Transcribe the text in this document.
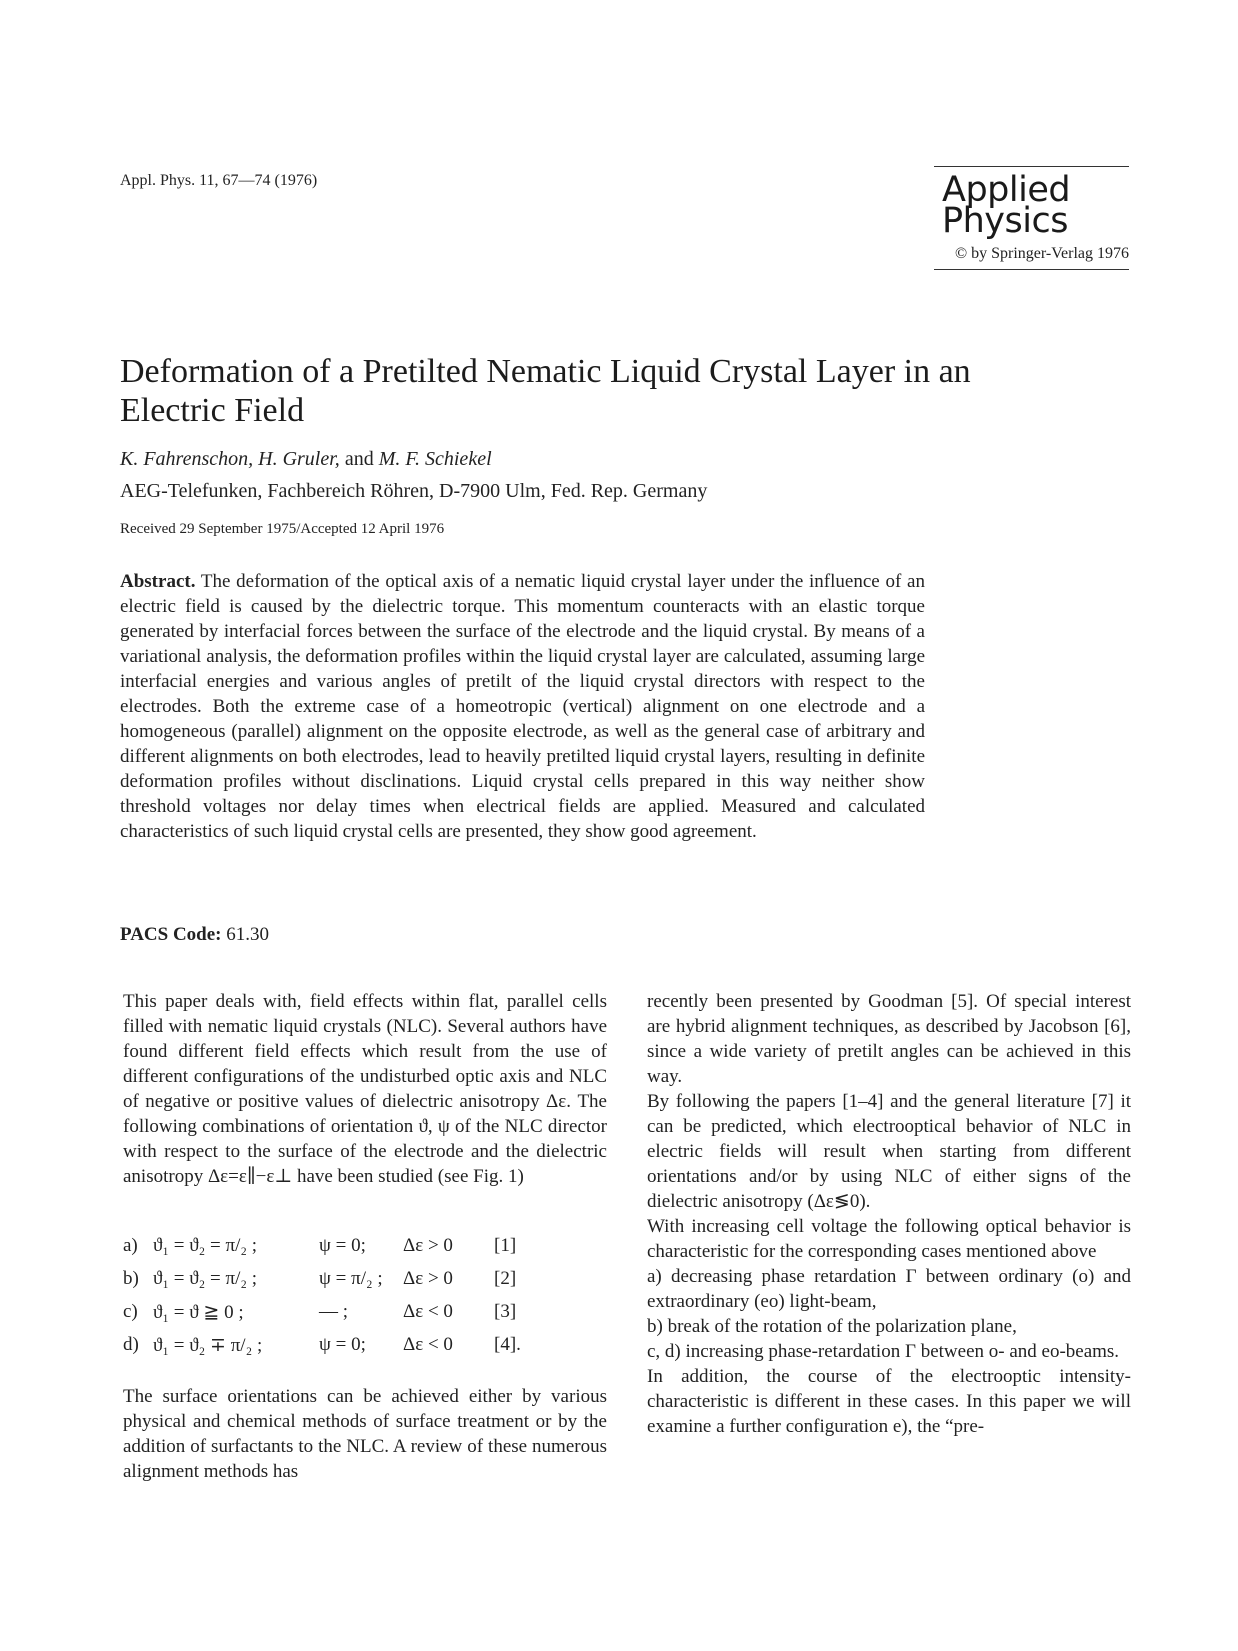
Appl. Phys. 11, 67—74 (1976)	Applied
Physics
© by Springer-Verlag 1976
Deformation of a Pretilted Nematic Liquid Crystal Layer in an Electric Field
K. Fahrenschon, H. Gruler, and M. F. Schiekel
AEG-Telefunken, Fachbereich Röhren, D-7900 Ulm, Fed. Rep. Germany
Received 29 September 1975/Accepted 12 April 1976

Abstract. The deformation of the optical axis of a nematic liquid crystal layer under the influence of an electric field is caused by the dielectric torque. This momentum counteracts with an elastic torque generated by interfacial forces between the surface of the electrode and the liquid crystal. By means of a variational analysis, the deformation profiles within the liquid crystal layer are calculated, assuming large interfacial energies and various angles of pretilt of the liquid crystal directors with respect to the electrodes. Both the extreme case of a homeotropic (vertical) alignment on one electrode and a homogeneous (parallel) alignment on the opposite electrode, as well as the general case of arbitrary and different alignments on both electrodes, lead to heavily pretilted liquid crystal layers, resulting in definite deformation profiles without disclinations. Liquid crystal cells prepared in this way neither show threshold voltages nor delay times when electrical fields are applied. Measured and calculated characteristics of such liquid crystal cells are presented, they show good agreement.

PACS Code: 61.30

This paper deals with, field effects within flat, parallel cells filled with nematic liquid crystals (NLC). Several authors have found different field effects which result from the use of different configurations of the undisturbed optic axis and NLC of negative or positive values of dielectric anisotropy Δε. The following combinations of orientation ϑ, ψ of the NLC director with respect to the surface of the electrode and the dielectric anisotropy Δε=ε∥−ε⊥ have been studied (see Fig. 1)

a) ϑ₁ = ϑ₂ = π/₂ ;	ψ = 0; Δε > 0 [1]
b) ϑ₁ = ϑ₂ = π/₂ ;	ψ = π/₂ ; Δε > 0 [2]
c) ϑ₁ = ϑ ≧ 0 ;	— ;	Δε < 0 [3]
d) ϑ₁ = ϑ₂ ∓ π/₂ ;	ψ = 0; Δε < 0 [4].

The surface orientations can be achieved either by various physical and chemical methods of surface treatment or by the addition of surfactants to the NLC. A review of these numerous alignment methods has

recently been presented by Goodman [5]. Of special interest are hybrid alignment techniques, as described by Jacobson [6], since a wide variety of pretilt angles can be achieved in this way.

By following the papers [1–4] and the general literature [7] it can be predicted, which electrooptical behavior of NLC in electric fields will result when starting from different orientations and/or by using NLC of either signs of the dielectric anisotropy (Δε≶0).

With increasing cell voltage the following optical behavior is characteristic for the corresponding cases mentioned above

a) decreasing phase retardation Γ between ordinary (o) and extraordinary (eo) light-beam,

b) break of the rotation of the polarization plane,

c, d) increasing phase-retardation Γ between o- and eo-beams.

In addition, the course of the electrooptic intensity-characteristic is different in these cases. In this paper we will examine a further configuration e), the “pre-
